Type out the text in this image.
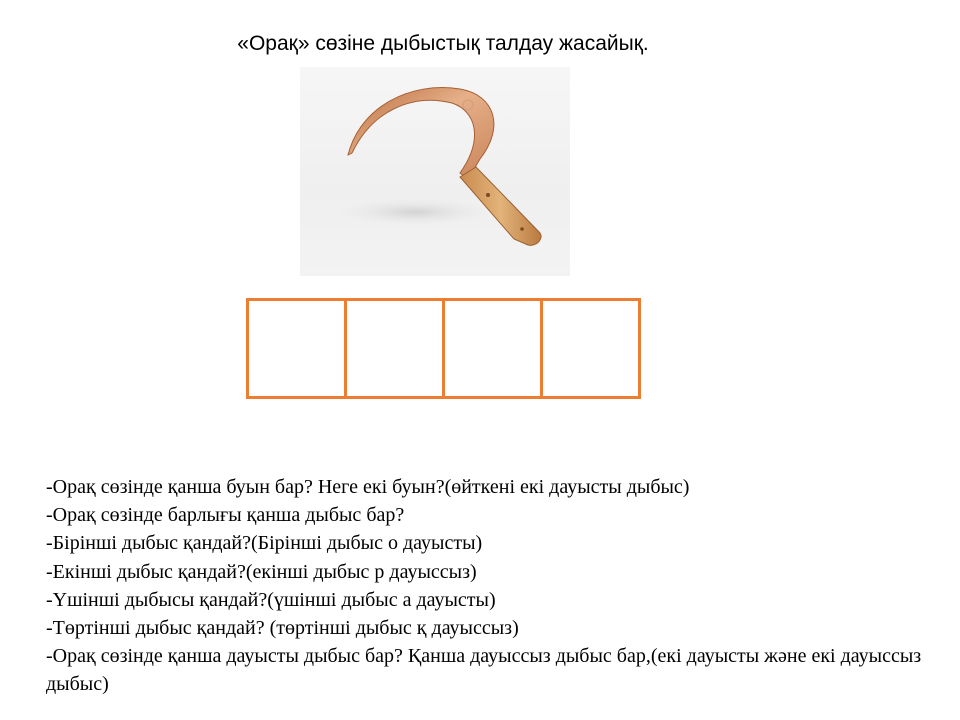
«Орақ» сөзіне дыбыстық талдау жасайық.
-Орақ сөзінде қанша буын бар? Неге екі буын?(өйткені екі дауысты дыбыс)
-Орақ сөзінде барлығы қанша дыбыс бар?
-Бірінші дыбыс қандай?(Бірінші дыбыс о дауысты)
-Екінші дыбыс қандай?(екінші дыбыс р дауыссыз)
-Үшінші дыбысы қандай?(үшінші дыбыс а дауысты)
-Төртінші дыбыс қандай? (төртінші дыбыс қ дауыссыз)
-Орақ сөзінде қанша дауысты дыбыс бар? Қанша дауыссыз дыбыс бар,(екі дауысты және екі дауыссыз дыбыс)
